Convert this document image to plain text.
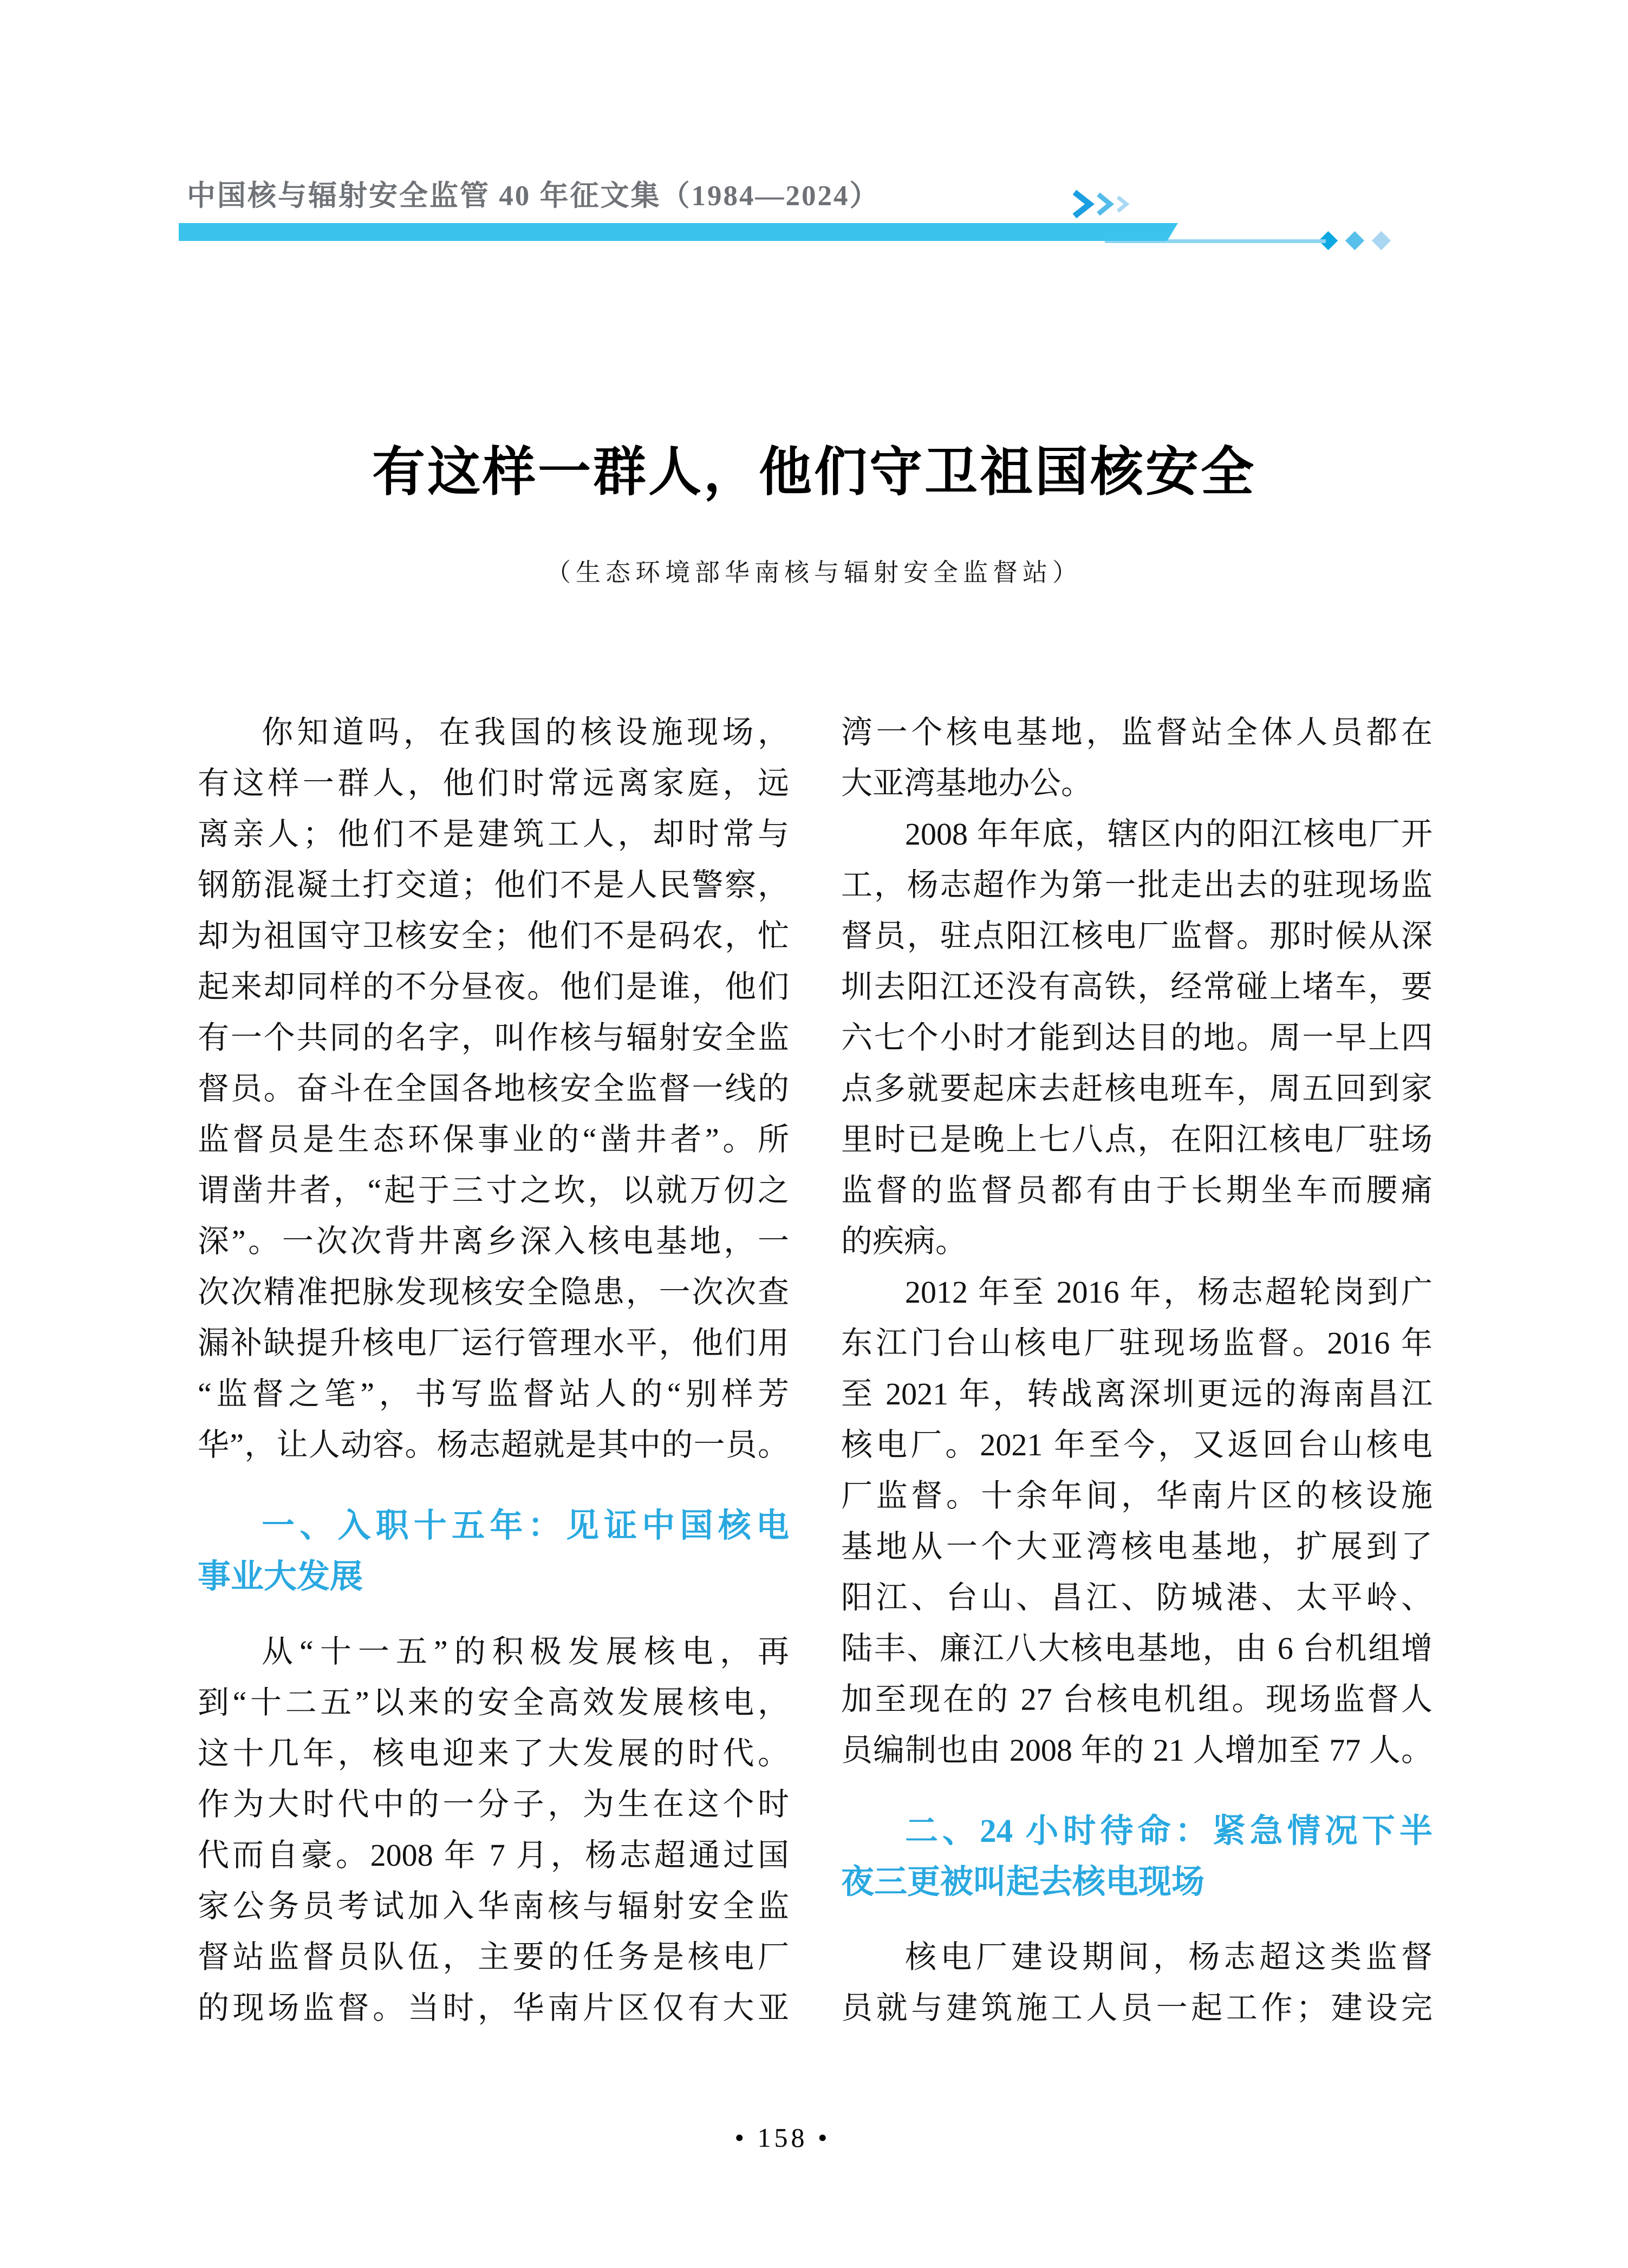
中国核与辐射安全监管 40 年征文集（1984—2024）
有这样一群人，他们守卫祖国核安全
（生态环境部华南核与辐射安全监督站）
你知道吗，在我国的核设施现场，
有这样一群人，他们时常远离家庭，远
离亲人；他们不是建筑工人，却时常与
钢筋混凝土打交道；他们不是人民警察，
却为祖国守卫核安全；他们不是码农，忙
起来却同样的不分昼夜。他们是谁，他们
有一个共同的名字，叫作核与辐射安全监
督员。奋斗在全国各地核安全监督一线的
监督员是生态环保事业的“凿井者”。所
谓凿井者，“起于三寸之坎，以就万仞之
深”。一次次背井离乡深入核电基地，一
次次精准把脉发现核安全隐患，一次次查
漏补缺提升核电厂运行管理水平，他们用
“监督之笔”，书写监督站人的“别样芳
华”，让人动容。杨志超就是其中的一员。
一、入职十五年：见证中国核电
事业大发展
从“十一五”的积极发展核电，再
到“十二五”以来的安全高效发展核电，
这十几年，核电迎来了大发展的时代。
作为大时代中的一分子，为生在这个时
代而自豪。2008 年 7 月，杨志超通过国
家公务员考试加入华南核与辐射安全监
督站监督员队伍，主要的任务是核电厂
的现场监督。当时，华南片区仅有大亚
湾一个核电基地，监督站全体人员都在
大亚湾基地办公。
2008 年年底，辖区内的阳江核电厂开
工，杨志超作为第一批走出去的驻现场监
督员，驻点阳江核电厂监督。那时候从深
圳去阳江还没有高铁，经常碰上堵车，要
六七个小时才能到达目的地。周一早上四
点多就要起床去赶核电班车，周五回到家
里时已是晚上七八点，在阳江核电厂驻场
监督的监督员都有由于长期坐车而腰痛
的疾病。
2012 年至 2016 年，杨志超轮岗到广
东江门台山核电厂驻现场监督。2016 年
至 2021 年，转战离深圳更远的海南昌江
核电厂。2021 年至今，又返回台山核电
厂监督。十余年间，华南片区的核设施
基地从一个大亚湾核电基地，扩展到了
阳江、台山、昌江、防城港、太平岭、
陆丰、廉江八大核电基地，由 6 台机组增
加至现在的 27 台核电机组。现场监督人
员编制也由 2008 年的 21 人增加至 77 人。
二、24 小时待命：紧急情况下半
夜三更被叫起去核电现场
核电厂建设期间，杨志超这类监督
员就与建筑施工人员一起工作；建设完
• 158 •
